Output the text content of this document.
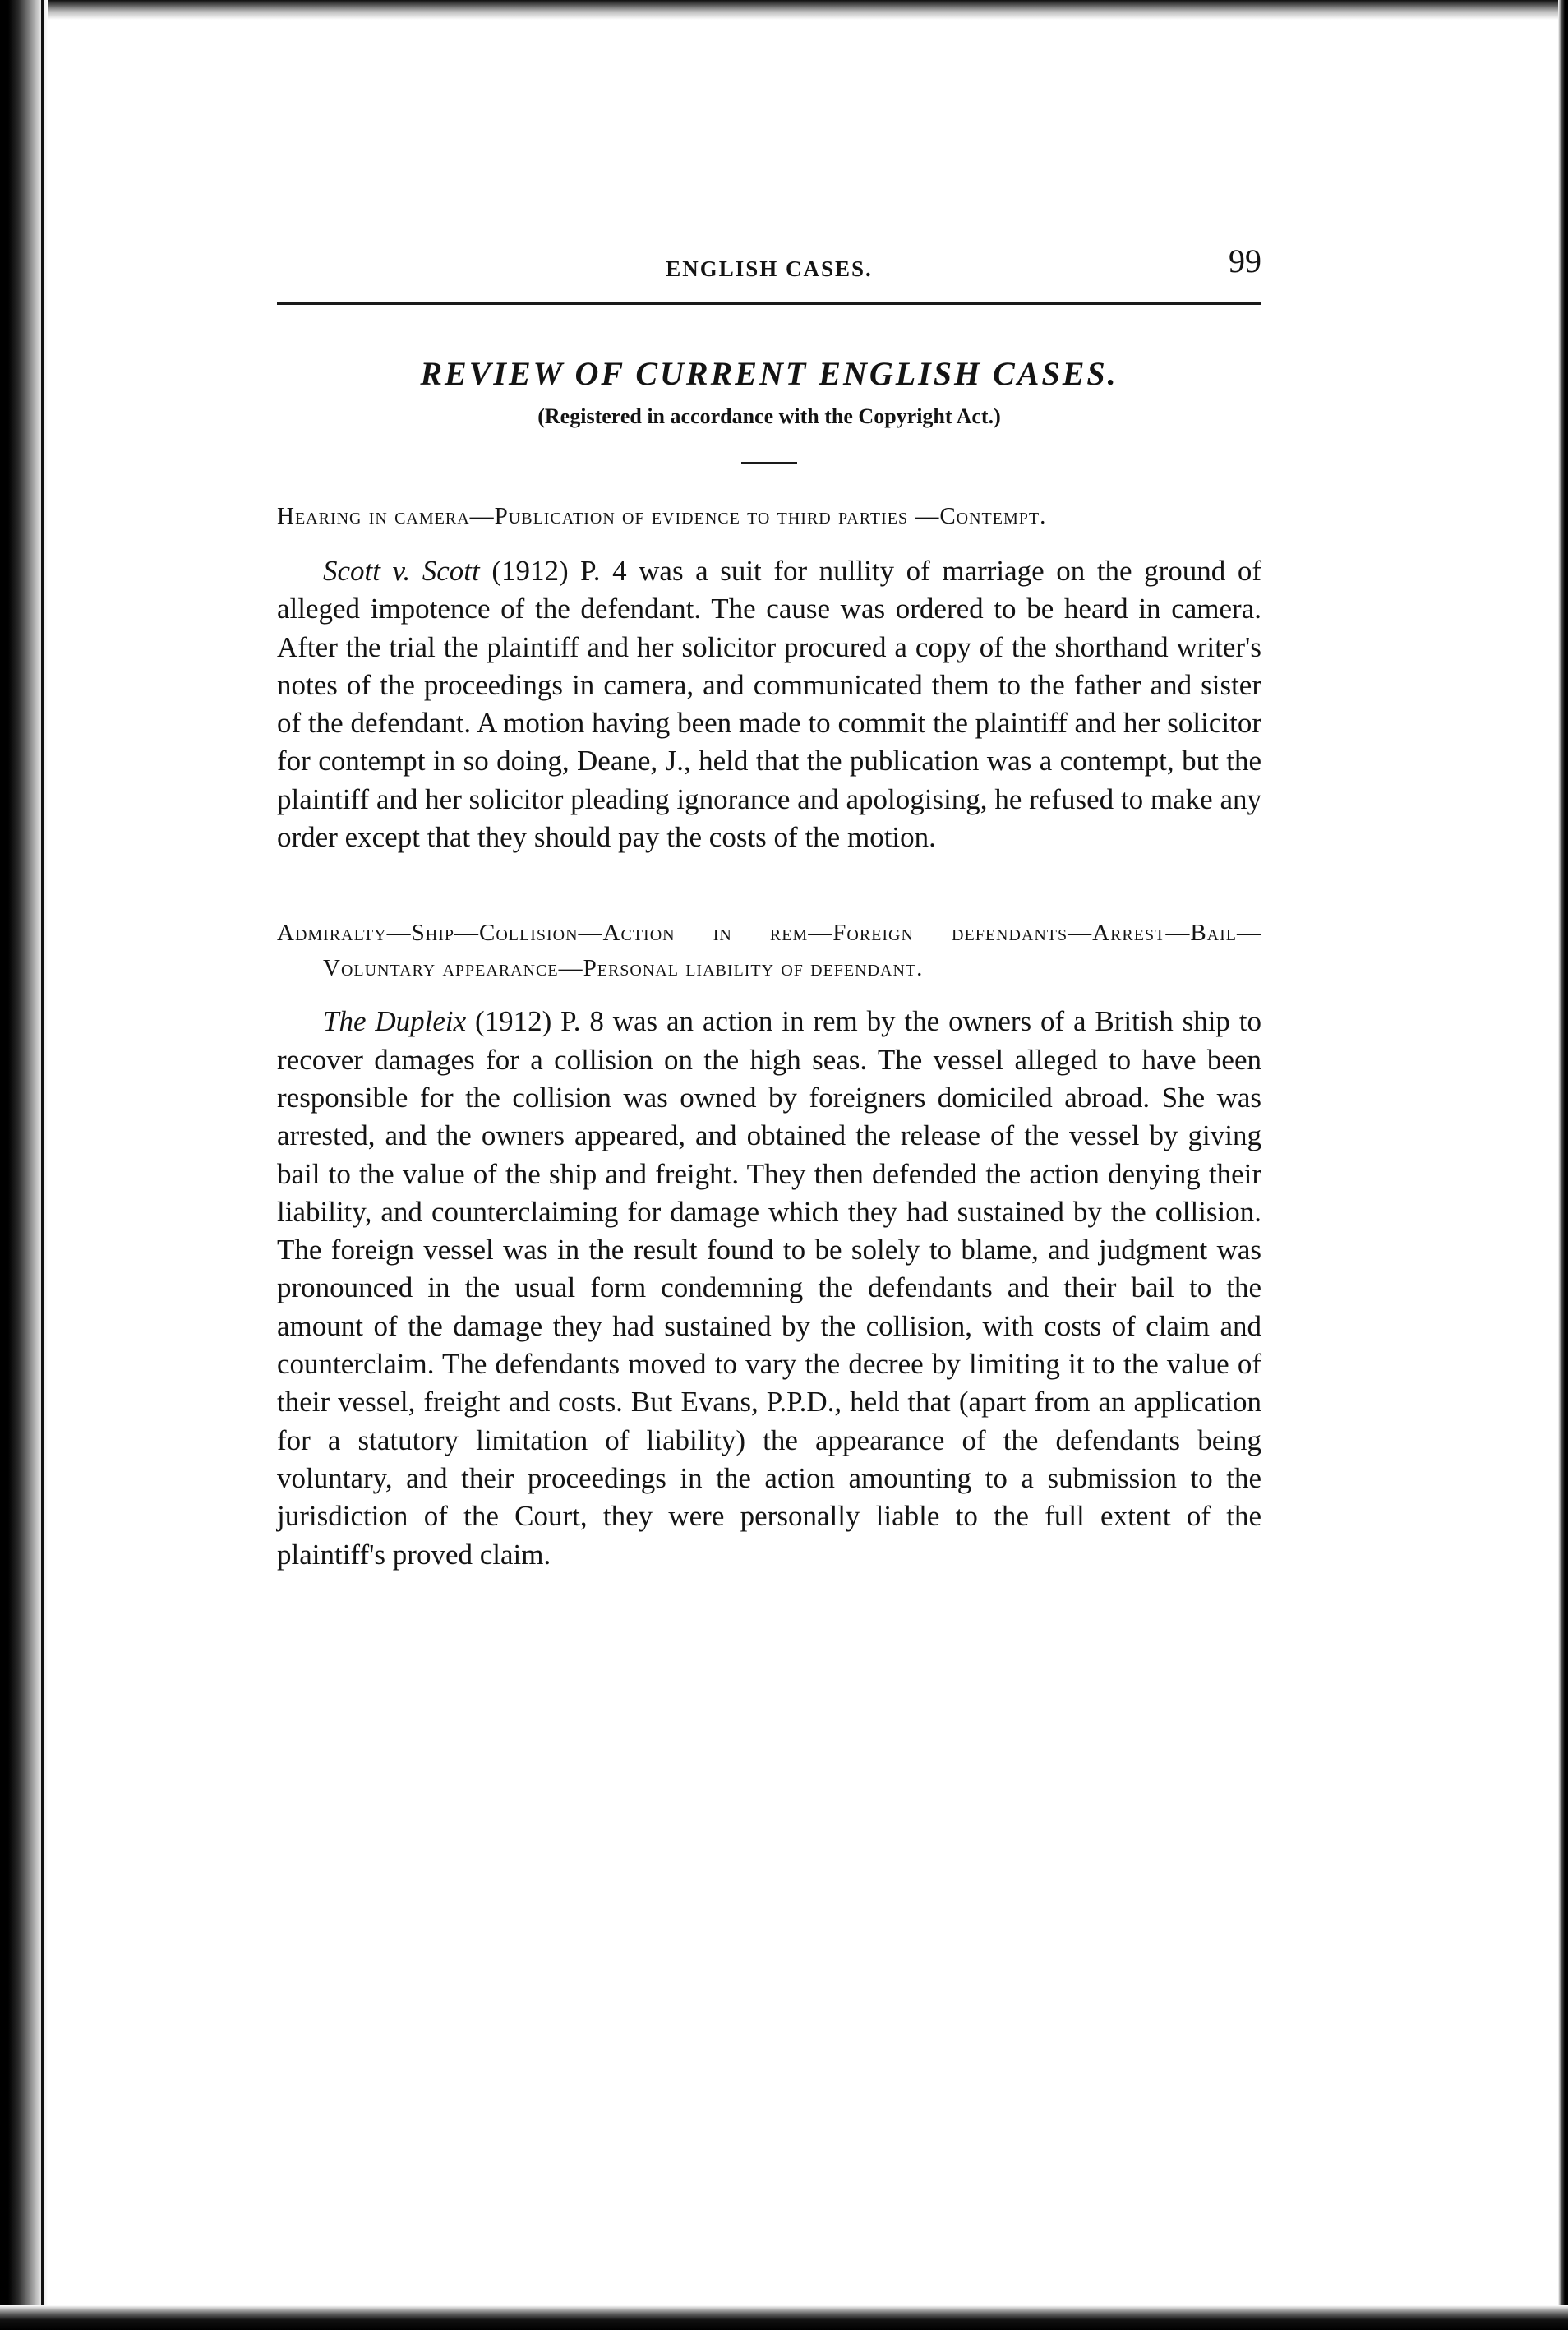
ENGLISH CASES.	99
REVIEW OF CURRENT ENGLISH CASES.
(Registered in accordance with the Copyright Act.)
Hearing in camera—Publication of evidence to third parties —Contempt.

Scott v. Scott (1912) P. 4 was a suit for nullity of marriage on the ground of alleged impotence of the defendant. The cause was ordered to be heard in camera. After the trial the plaintiff and her solicitor procured a copy of the shorthand writer's notes of the proceedings in camera, and communicated them to the father and sister of the defendant. A motion having been made to commit the plaintiff and her solicitor for contempt in so doing, Deane, J., held that the publication was a contempt, but the plaintiff and her solicitor pleading ignorance and apologising, he refused to make any order except that they should pay the costs of the motion.

Admiralty—Ship—Collision—Action in rem—Foreign defendants—Arrest—Bail—Voluntary appearance—Personal liability of defendant.

The Dupleix (1912) P. 8 was an action in rem by the owners of a British ship to recover damages for a collision on the high seas. The vessel alleged to have been responsible for the collision was owned by foreigners domiciled abroad. She was arrested, and the owners appeared, and obtained the release of the vessel by giving bail to the value of the ship and freight. They then defended the action denying their liability, and counterclaiming for damage which they had sustained by the collision. The foreign vessel was in the result found to be solely to blame, and judgment was pronounced in the usual form condemning the defendants and their bail to the amount of the damage they had sustained by the collision, with costs of claim and counterclaim. The defendants moved to vary the decree by limiting it to the value of their vessel, freight and costs. But Evans, P.P.D., held that (apart from an application for a statutory limitation of liability) the appearance of the defendants being voluntary, and their proceedings in the action amounting to a submission to the jurisdiction of the Court, they were personally liable to the full extent of the plaintiff's proved claim.
